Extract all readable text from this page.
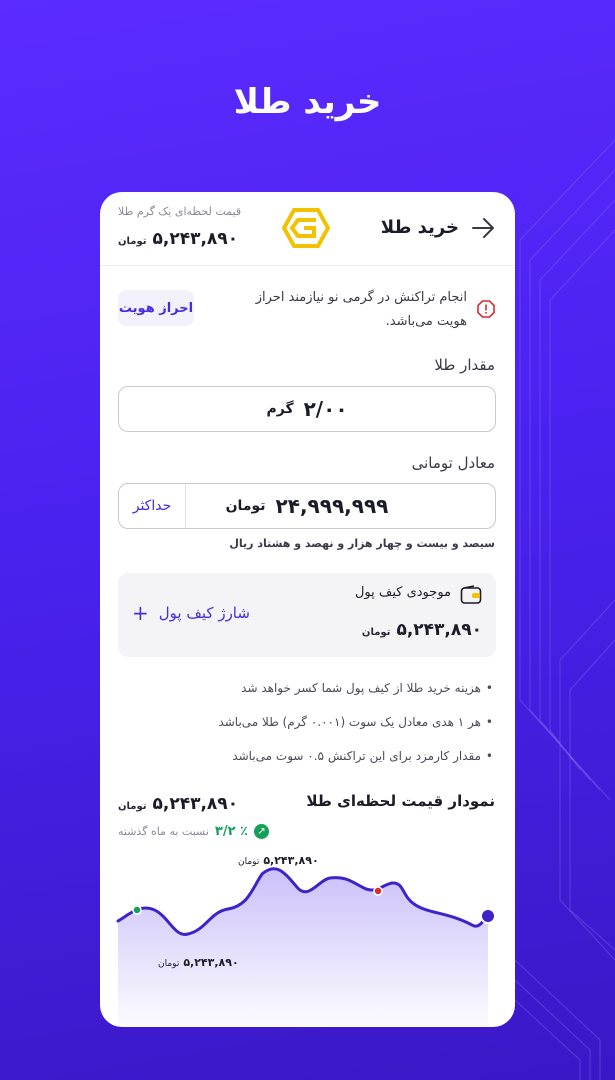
خرید طلا
خرید طلا
قیمت لحظه‌ای یک گرم طلا
تومان ۵,۲۴۳,۸۹۰
انجام تراکنش در گرمی نو نیازمند احراز هویت می‌باشد.
احراز هویت
مقدار طلا
گرم ۲/۰۰
معادل تومانی
حداکثر	تومان ۲۴,۹۹۹,۹۹۹
سیصد و بیست و چهار هزار و نهصد و هشتاد ریال
موجودی کیف پول
تومان ۵,۲۴۳,۸۹۰
شارژ کیف پول
+
• هزینه خرید طلا از کیف پول شما کسر خواهد شد
• هر ۱ هدی معادل یک سوت (۰.۰۰۱ گرم) طلا می‌باشد
• مقدار کارمزد برای این تراکنش ۰.۵ سوت می‌باشد
نمودار قیمت لحظه‌ای طلا
تومان ۵,۲۴۳,۸۹۰
↗
٪ ۳/۲
نسبت به ماه گذشته
تومان ۵,۲۴۳,۸۹۰
تومان ۵,۲۴۳,۸۹۰
